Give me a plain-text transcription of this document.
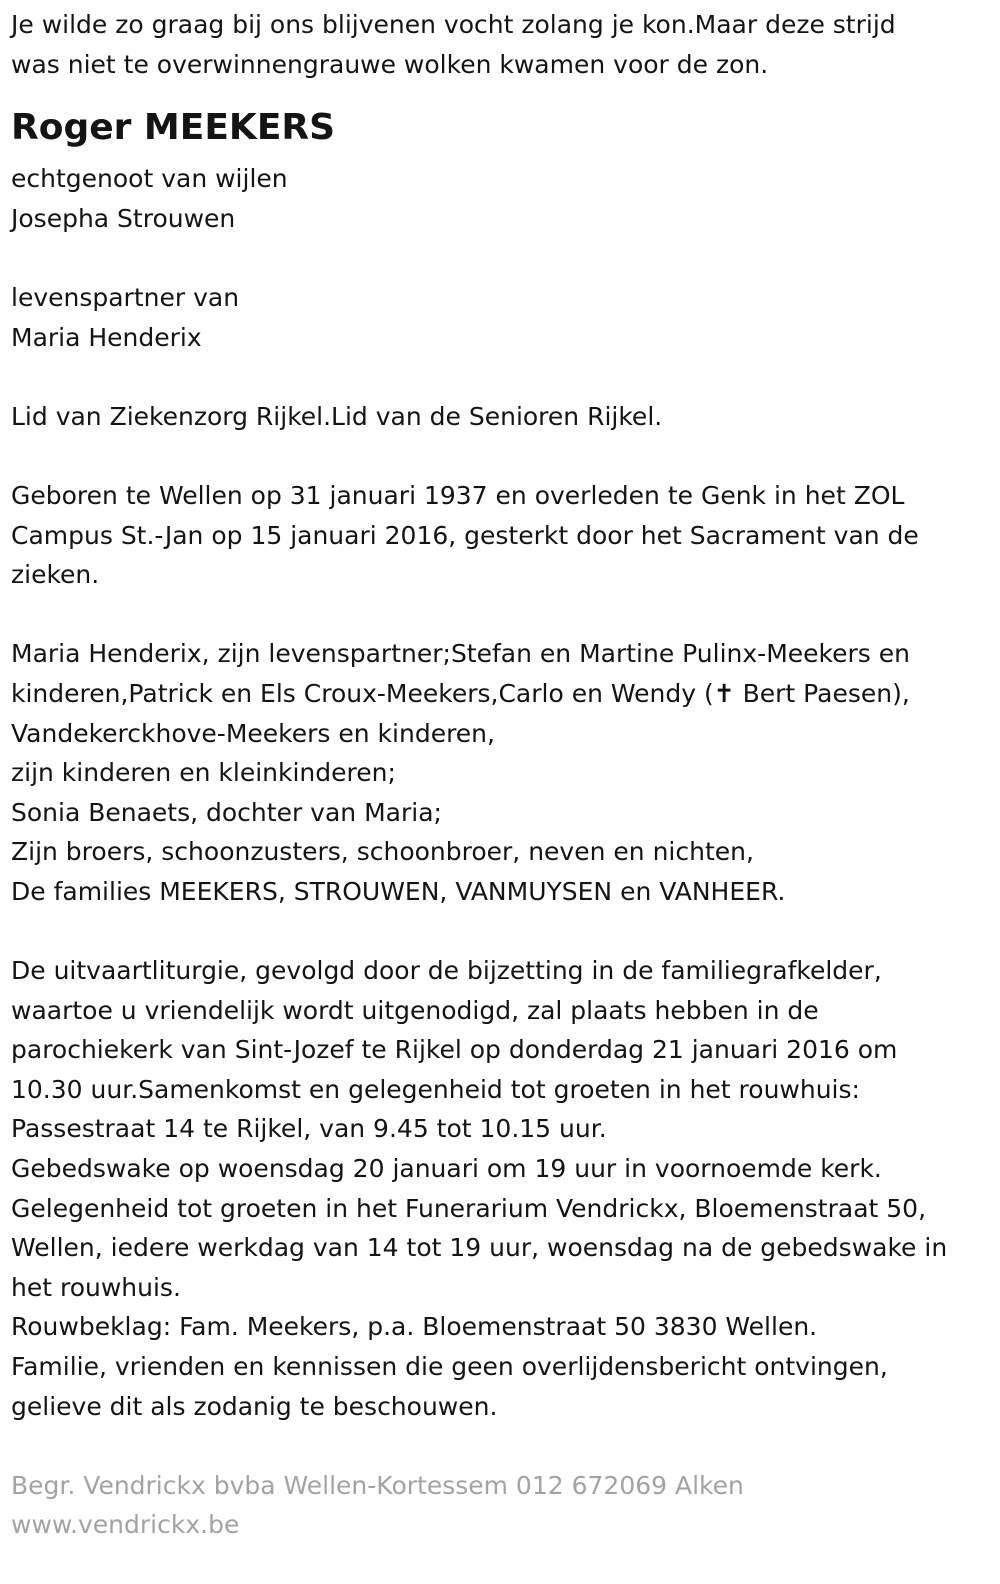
Je wilde zo graag bij ons blijvenen vocht zolang je kon.Maar deze strijd
was niet te overwinnengrauwe wolken kwamen voor de zon.
Roger MEEKERS
echtgenoot van wijlen
Josepha Strouwen
levenspartner van
Maria Henderix
Lid van Ziekenzorg Rijkel.Lid van de Senioren Rijkel.
Geboren te Wellen op 31 januari 1937 en overleden te Genk in het ZOL
Campus St.-Jan op 15 januari 2016, gesterkt door het Sacrament van de
zieken.
Maria Henderix, zijn levenspartner;Stefan en Martine Pulinx-Meekers en
kinderen,Patrick en Els Croux-Meekers,Carlo en Wendy (✝ Bert Paesen),
Vandekerckhove-Meekers en kinderen,
zijn kinderen en kleinkinderen;
Sonia Benaets, dochter van Maria;
Zijn broers, schoonzusters, schoonbroer, neven en nichten,
De families MEEKERS, STROUWEN, VANMUYSEN en VANHEER.
De uitvaartliturgie, gevolgd door de bijzetting in de familiegrafkelder,
waartoe u vriendelijk wordt uitgenodigd, zal plaats hebben in de
parochiekerk van Sint-Jozef te Rijkel op donderdag 21 januari 2016 om
10.30 uur.Samenkomst en gelegenheid tot groeten in het rouwhuis:
Passestraat 14 te Rijkel, van 9.45 tot 10.15 uur.
Gebedswake op woensdag 20 januari om 19 uur in voornoemde kerk.
Gelegenheid tot groeten in het Funerarium Vendrickx, Bloemenstraat 50,
Wellen, iedere werkdag van 14 tot 19 uur, woensdag na de gebedswake in
het rouwhuis.
Rouwbeklag: Fam. Meekers, p.a. Bloemenstraat 50 3830 Wellen.
Familie, vrienden en kennissen die geen overlijdensbericht ontvingen,
gelieve dit als zodanig te beschouwen.
Begr. Vendrickx bvba Wellen-Kortessem 012 672069 Alken
www.vendrickx.be
